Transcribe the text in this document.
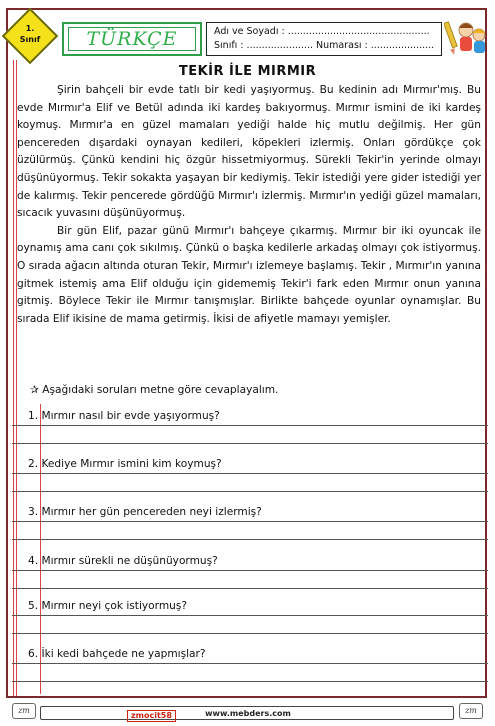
1.
Sınıf	TÜRKÇE	Adı ve Soyadı : ...............................................
Sınıfı : ...................... Numarası : .....................
TEKİR İLE MIRMIR

Şirin bahçeli bir evde tatlı bir kedi yaşıyormuş. Bu kedinin adı Mırmır'mış. Bu evde Mırmır'a Elif ve Betül adında iki kardeş bakıyormuş. Mırmır ismini de iki kardeş koymuş. Mırmır'a en güzel mamaları yediği halde hiç mutlu değilmiş. Her gün pencereden dışardaki oynayan kedileri, köpekleri izlermiş. Onları gördükçe çok üzülürmüş. Çünkü kendini hiç özgür hissetmiyormuş. Sürekli Tekir'in yerinde olmayı düşünüyormuş. Tekir sokakta yaşayan bir kediymiş. Tekir istediği yere gider istediği yer de kalırmış. Tekir pencerede gördüğü Mırmır'ı izlermiş. Mırmır'ın yediği güzel mamaları, sıcacık yuvasını düşünüyormuş.

Bir gün Elif, pazar günü Mırmır'ı bahçeye çıkarmış. Mırmır bir iki oyuncak ile oynamış ama canı çok sıkılmış. Çünkü o başka kedilerle arkadaş olmayı çok istiyormuş. O sırada ağacın altında oturan Tekir, Mırmır'ı izlemeye başlamış. Tekir , Mırmır'ın yanına gitmek istemiş ama Elif olduğu için gidememiş Tekir'i fark eden Mırmır onun yanına gitmiş. Böylece Tekir ile Mırmır tanışmışlar. Birlikte bahçede oyunlar oynamışlar. Bu sırada Elif ikisine de mama getirmiş. İkisi de afiyetle mamayı yemişler.

✰ Aşağıdaki soruları metne göre cevaplayalım.
1. Mırmır nasıl bir evde yaşıyormuş?
2. Kediye Mırmır ismini kim koymuş?
3. Mırmır her gün pencereden neyi izlermiş?
4. Mırmır sürekli ne düşünüyormuş?
5. Mırmır neyi çok istiyormuş?
6. İki kedi bahçede ne yapmışlar?
zm
zmocit58	www.mebders.com	zm
